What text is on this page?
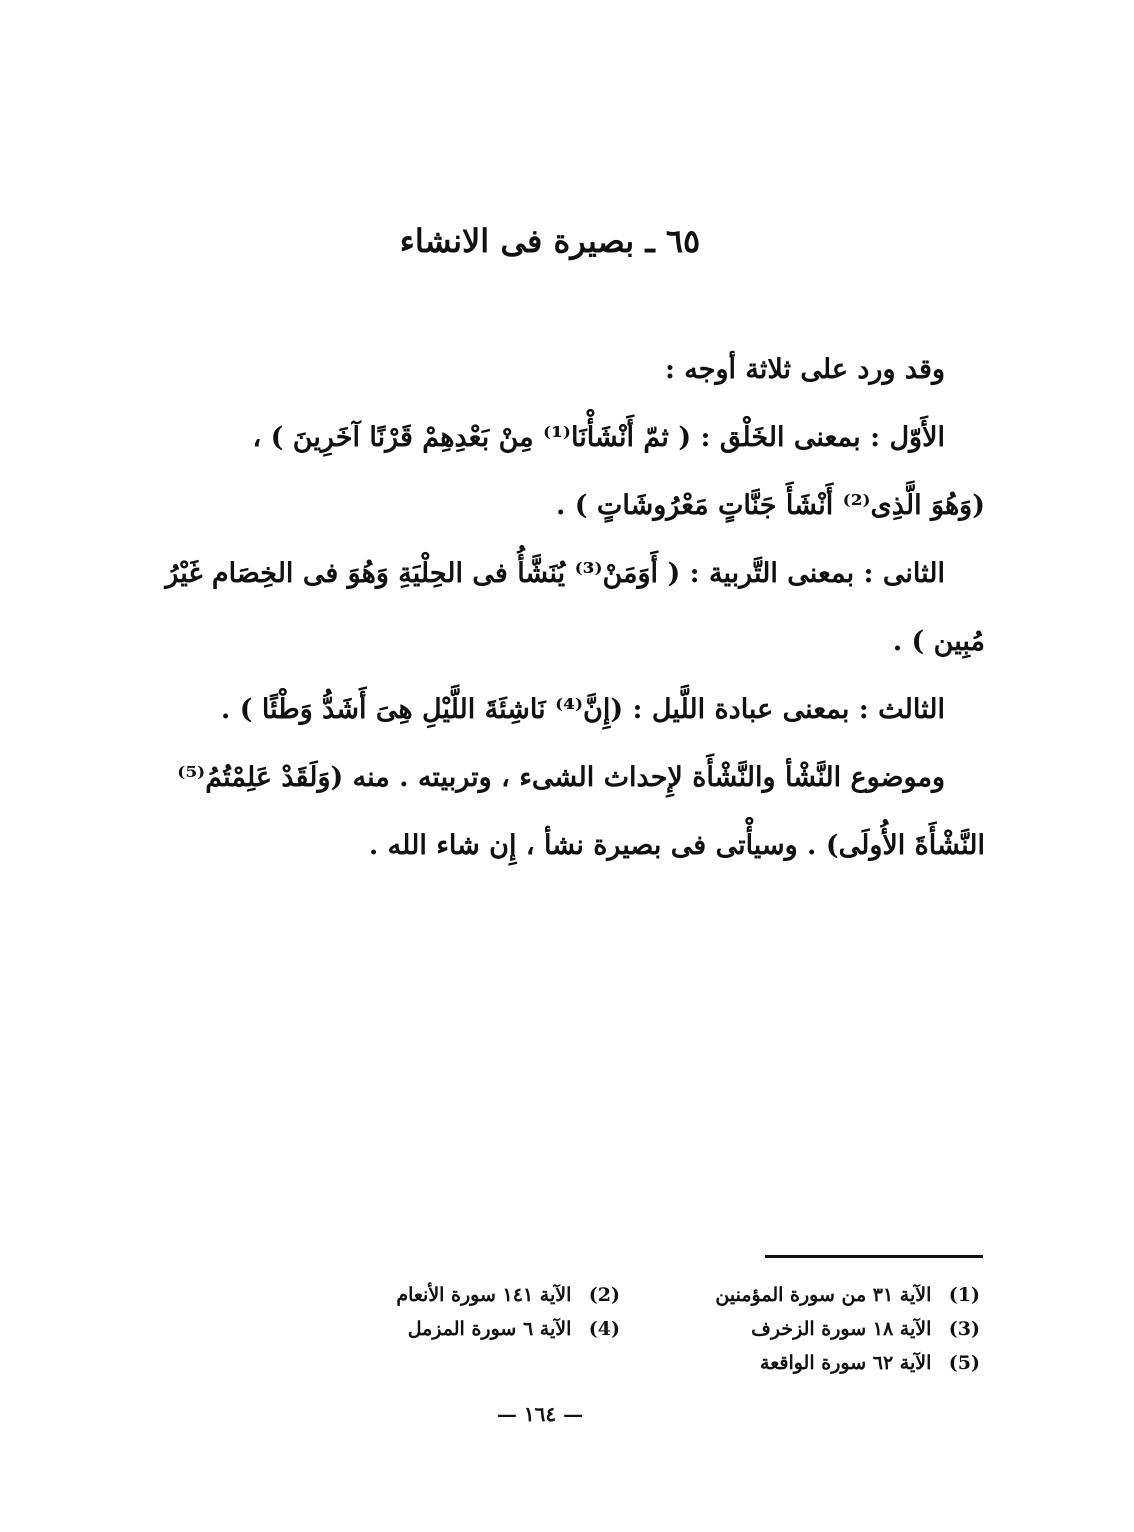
٦٥ ـ بصيرة فى الانشاء
وقد ورد على ثلاثة أوجه :
الأَوّل : بمعنى الخَلْق : ( ثمّ أَنْشَأْنَا⁽¹⁾ مِنْ بَعْدِهِمْ قَرْنًا آخَرِينَ ) ،
(وَهُوَ الَّذِى⁽²⁾ أَنْشَأَ جَنَّاتٍ مَعْرُوشَاتٍ ) .
الثانى : بمعنى التَّربية : ( أَوَمَنْ⁽³⁾ يُنَشَّأُ فى الحِلْيَةِ وَهُوَ فى الخِصَام غَيْرُ
مُبِين ) .
الثالث : بمعنى عبادة اللَّيل : (إِنَّ⁽⁴⁾ نَاشِئَةَ اللَّيْلِ هِىَ أَشَدُّ وَطْئًا ) .
وموضوع النَّشْأ والنَّشْأَة لإِحداث الشىء ، وتربيته . منه (وَلَقَدْ عَلِمْتُمُ⁽⁵⁾
النَّشْأَةَ الأُولَى) . وسيأْتى فى بصيرة نشأ ، إِن شاء الله .
(1) الآية ٣١ من سورة المؤمنين
(2) الآية ١٤١ سورة الأنعام
(3) الآية ١٨ سورة الزخرف
(4) الآية ٦ سورة المزمل
(5) الآية ٦٢ سورة الواقعة
— ١٦٤ —
